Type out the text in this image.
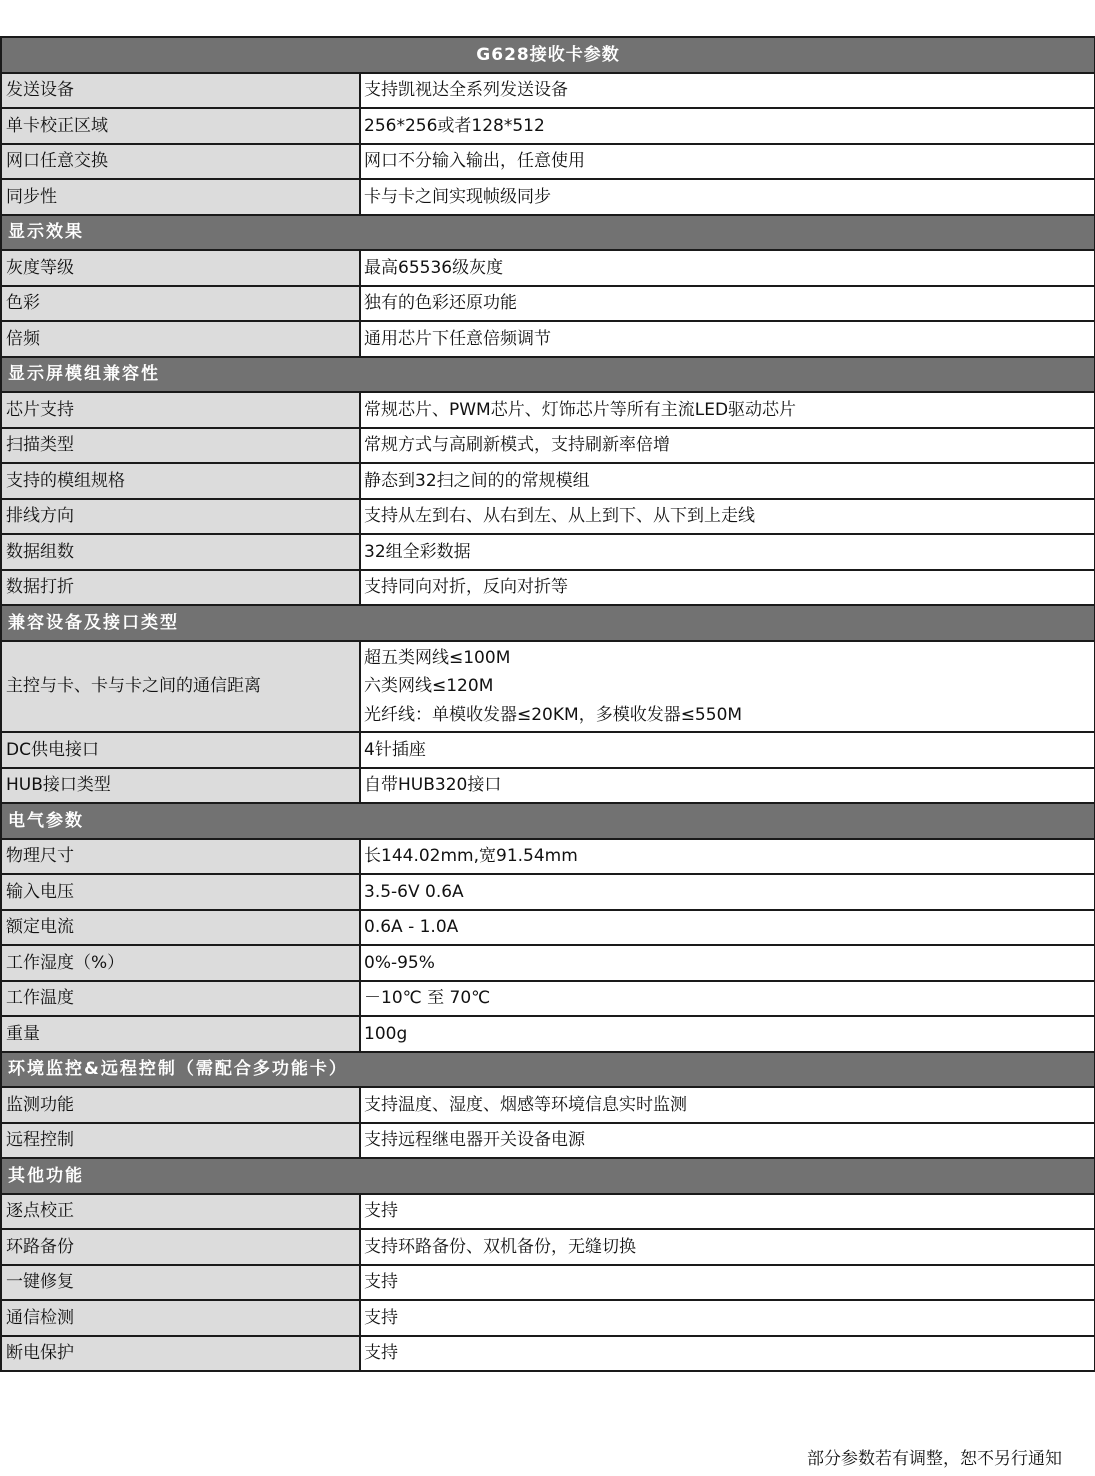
G628接收卡参数	
发送设备	支持凯视达全系列发送设备

单卡校正区域	256*256或者128*512

网口任意交换	网口不分输入输出，任意使用

同步性	卡与卡之间实现帧级同步

显示效果	
灰度等级	最高65536级灰度

色彩	独有的色彩还原功能

倍频	通用芯片下任意倍频调节

显示屏模组兼容性	
芯片支持	常规芯片、PWM芯片、灯饰芯片等所有主流LED驱动芯片

扫描类型	常规方式与高刷新模式，支持刷新率倍增

支持的模组规格	静态到32扫之间的的常规模组

排线方向	支持从左到右、从右到左、从上到下、从下到上走线

数据组数	32组全彩数据

数据打折	支持同向对折，反向对折等

兼容设备及接口类型	
主控与卡、卡与卡之间的通信距离	超五类网线≤100M
六类网线≤120M
光纤线：单模收发器≤20KM，多模收发器≤550M

DC供电接口	4针插座

HUB接口类型	自带HUB320接口

电气参数	
物理尺寸	长144.02mm,宽91.54mm

输入电压	3.5-6V 0.6A

额定电流	0.6A - 1.0A

工作湿度（%）	0%-95%

工作温度	－10℃ 至 70℃

重量	100g

环境监控&远程控制（需配合多功能卡）	
监测功能	支持温度、湿度、烟感等环境信息实时监测

远程控制	支持远程继电器开关设备电源

其他功能	
逐点校正	支持

环路备份	支持环路备份、双机备份，无缝切换

一键修复	支持

通信检测	支持

断电保护	支持
部分参数若有调整，恕不另行通知
